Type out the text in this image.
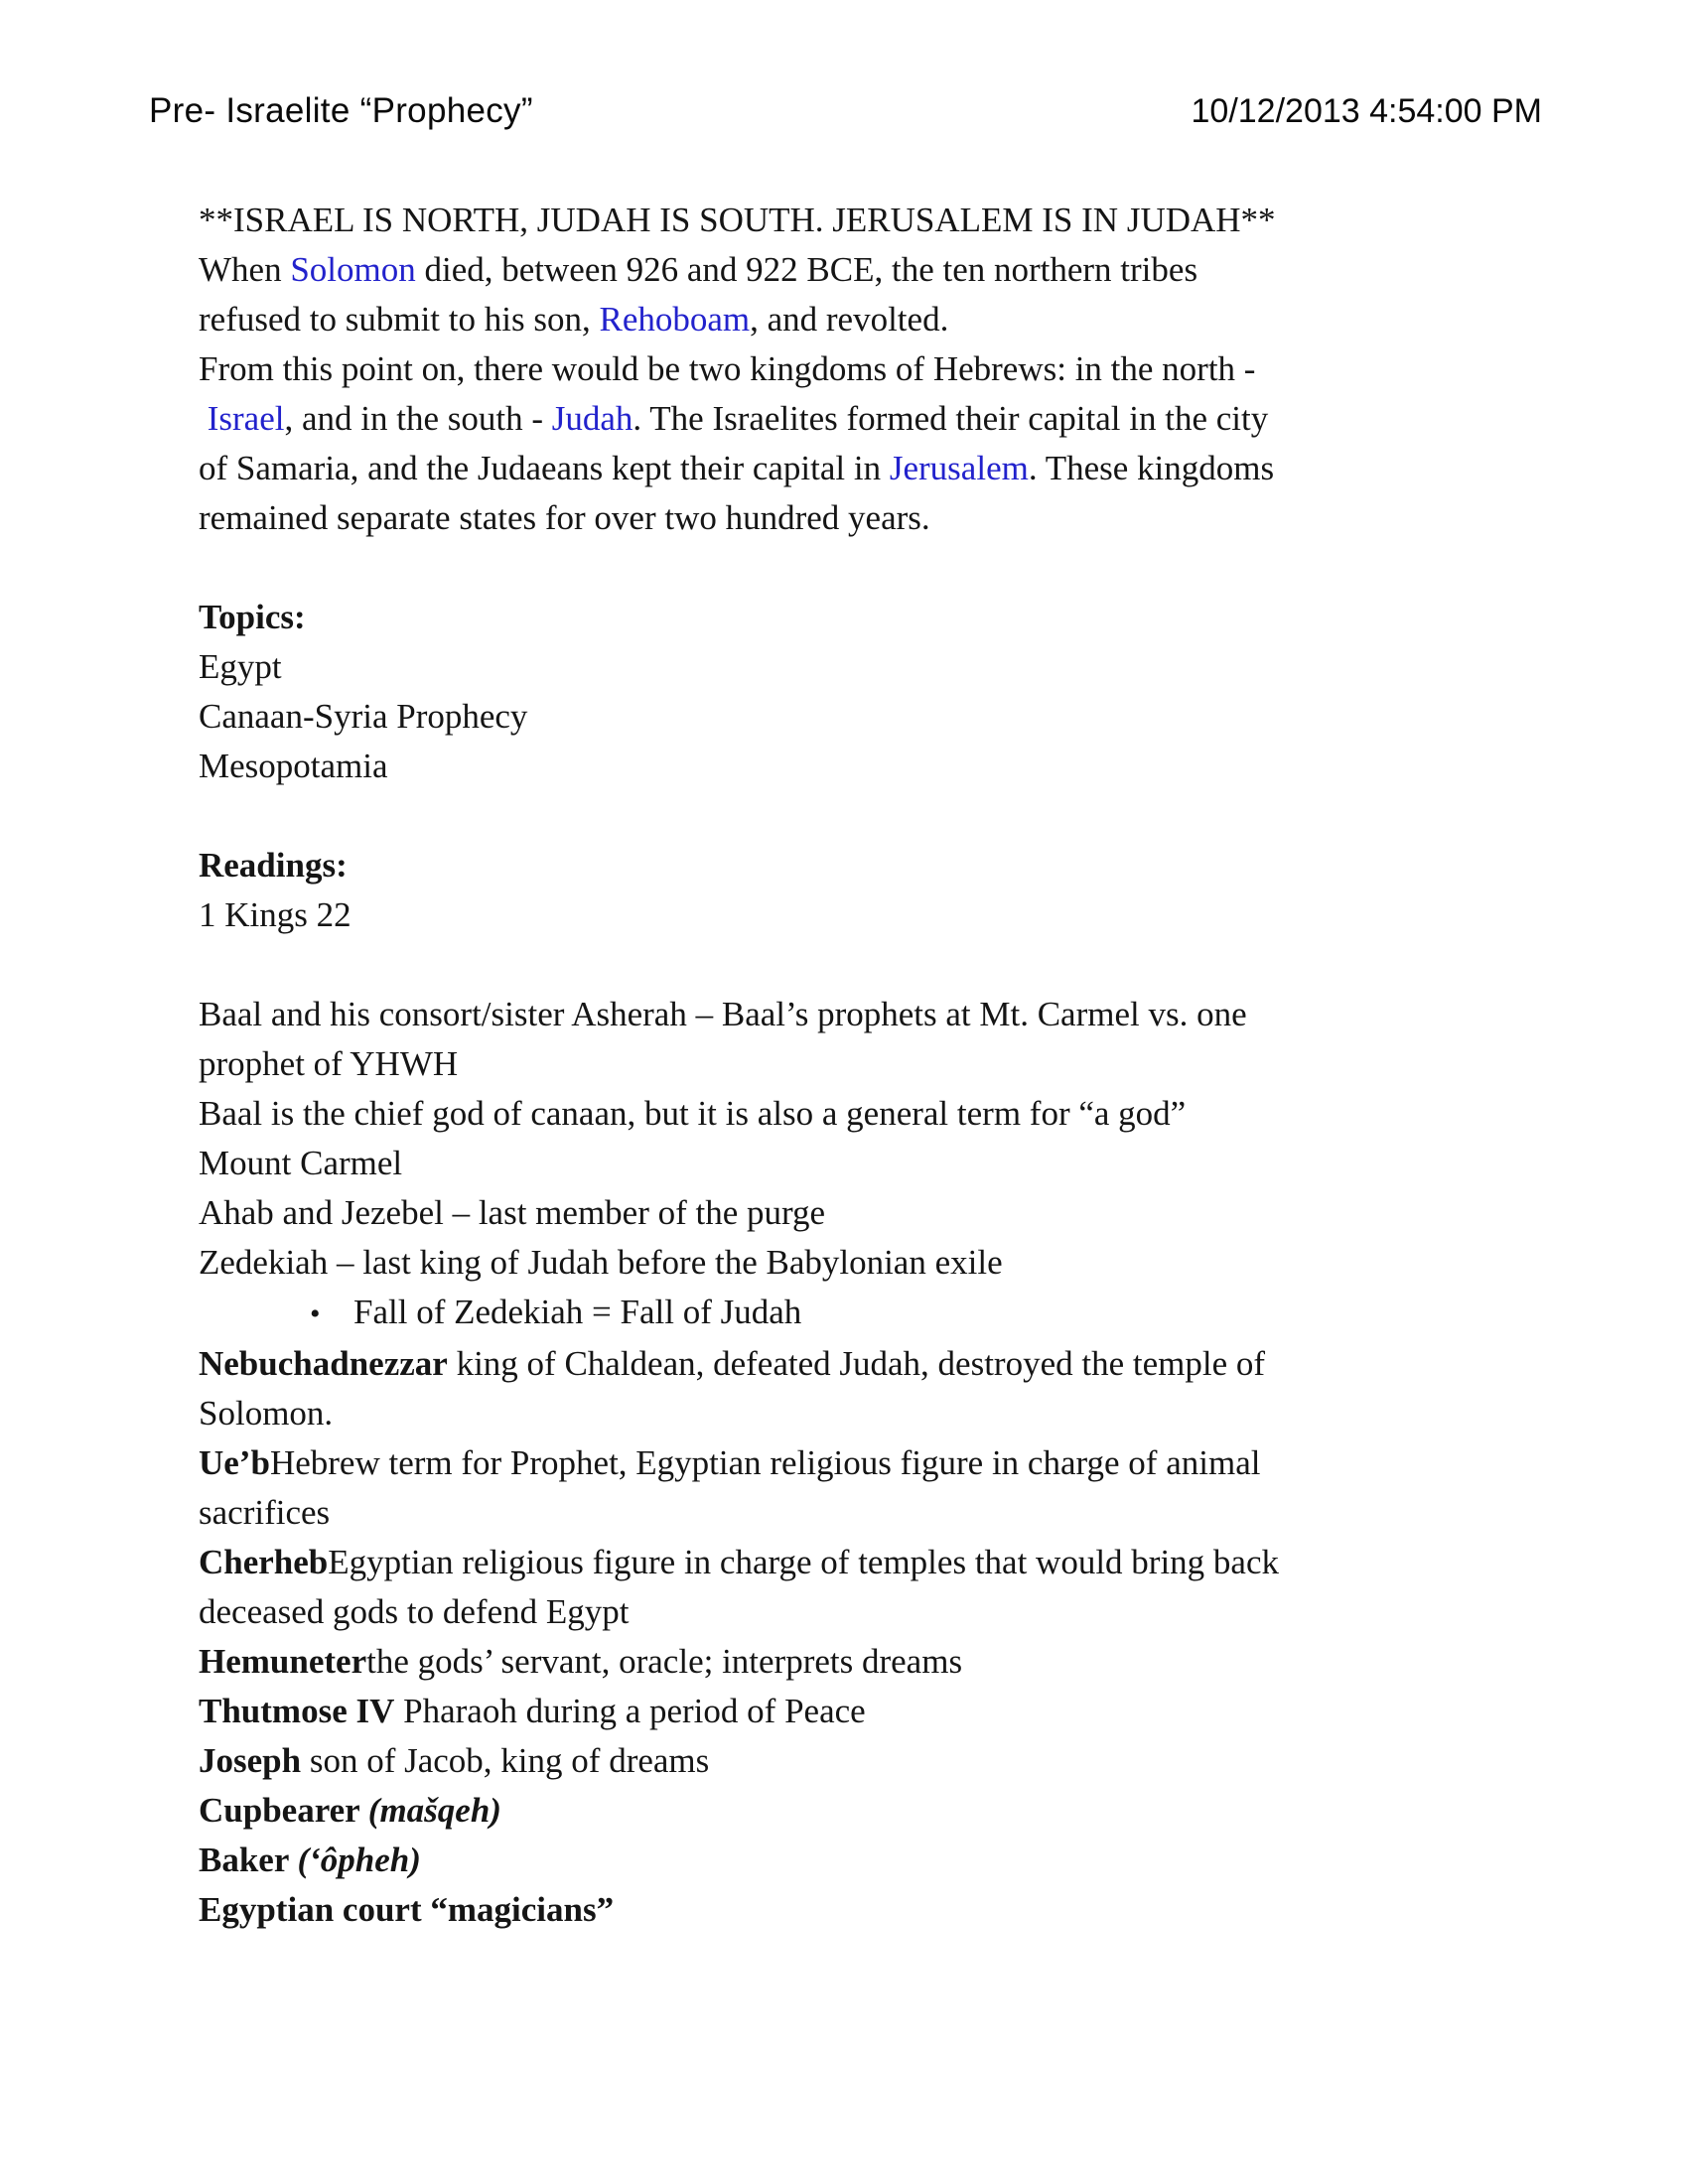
Pre- Israelite “Prophecy”	10/12/2013 4:54:00 PM
**ISRAEL IS NORTH, JUDAH IS SOUTH. JERUSALEM IS IN JUDAH**
When Solomon died, between 926 and 922 BCE, the ten northern tribes
refused to submit to his son, Rehoboam, and revolted.
From this point on, there would be two kingdoms of Hebrews: in the north -
Israel, and in the south - Judah. The Israelites formed their capital in the city
of Samaria, and the Judaeans kept their capital in Jerusalem. These kingdoms
remained separate states for over two hundred years.
Topics:
Egypt
Canaan-Syria Prophecy
Mesopotamia
Readings:
1 Kings 22
Baal and his consort/sister Asherah – Baal’s prophets at Mt. Carmel vs. one
prophet of YHWH
Baal is the chief god of canaan, but it is also a general term for “a god”
Mount Carmel
Ahab and Jezebel – last member of the purge
Zedekiah – last king of Judah before the Babylonian exile
• Fall of Zedekiah = Fall of Judah
Nebuchadnezzar king of Chaldean, defeated Judah, destroyed the temple of
Solomon.
Ue’bHebrew term for Prophet, Egyptian religious figure in charge of animal
sacrifices
CherhebEgyptian religious figure in charge of temples that would bring back
deceased gods to defend Egypt
Hemuneterthe gods’ servant, oracle; interprets dreams
Thutmose IV Pharaoh during a period of Peace
Joseph son of Jacob, king of dreams
Cupbearer (mašqeh)
Baker (‘ôpheh)
Egyptian court “magicians”
